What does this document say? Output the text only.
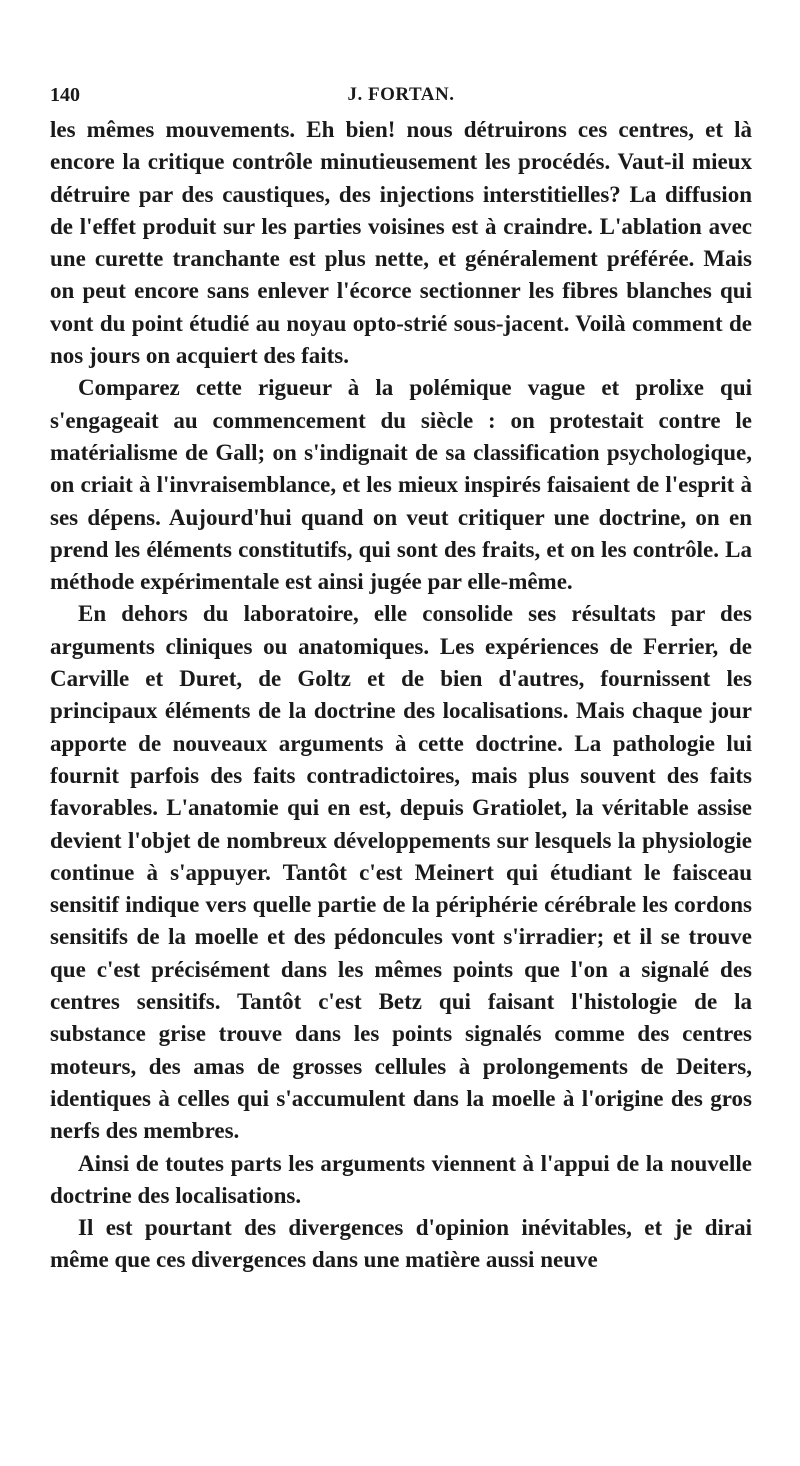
140	J. FORTAN.

les mêmes mouvements. Eh bien! nous détruirons ces centres, et là encore la critique contrôle minutieusement les procédés. Vaut-il mieux détruire par des caustiques, des injections interstitielles? La diffusion de l'effet produit sur les parties voisines est à craindre. L'ablation avec une curette tranchante est plus nette, et généralement préférée. Mais on peut encore sans enlever l'écorce sectionner les fibres blanches qui vont du point étudié au noyau opto-strié sous-jacent. Voilà comment de nos jours on acquiert des faits.

Comparez cette rigueur à la polémique vague et prolixe qui s'engageait au commencement du siècle : on protestait contre le matérialisme de Gall; on s'indignait de sa classification psychologique, on criait à l'invraisemblance, et les mieux inspirés faisaient de l'esprit à ses dépens. Aujourd'hui quand on veut critiquer une doctrine, on en prend les éléments constitutifs, qui sont des fraits, et on les contrôle. La méthode expérimentale est ainsi jugée par elle-même.

En dehors du laboratoire, elle consolide ses résultats par des arguments cliniques ou anatomiques. Les expériences de Ferrier, de Carville et Duret, de Goltz et de bien d'autres, fournissent les principaux éléments de la doctrine des localisations. Mais chaque jour apporte de nouveaux arguments à cette doctrine. La pathologie lui fournit parfois des faits contradictoires, mais plus souvent des faits favorables. L'anatomie qui en est, depuis Gratiolet, la véritable assise devient l'objet de nombreux développements sur lesquels la physiologie continue à s'appuyer. Tantôt c'est Meinert qui étudiant le faisceau sensitif indique vers quelle partie de la périphérie cérébrale les cordons sensitifs de la moelle et des pédoncules vont s'irradier; et il se trouve que c'est précisément dans les mêmes points que l'on a signalé des centres sensitifs. Tantôt c'est Betz qui faisant l'histologie de la substance grise trouve dans les points signalés comme des centres moteurs, des amas de grosses cellules à prolongements de Deiters, identiques à celles qui s'accumulent dans la moelle à l'origine des gros nerfs des membres.

Ainsi de toutes parts les arguments viennent à l'appui de la nouvelle doctrine des localisations.

Il est pourtant des divergences d'opinion inévitables, et je dirai même que ces divergences dans une matière aussi neuve
